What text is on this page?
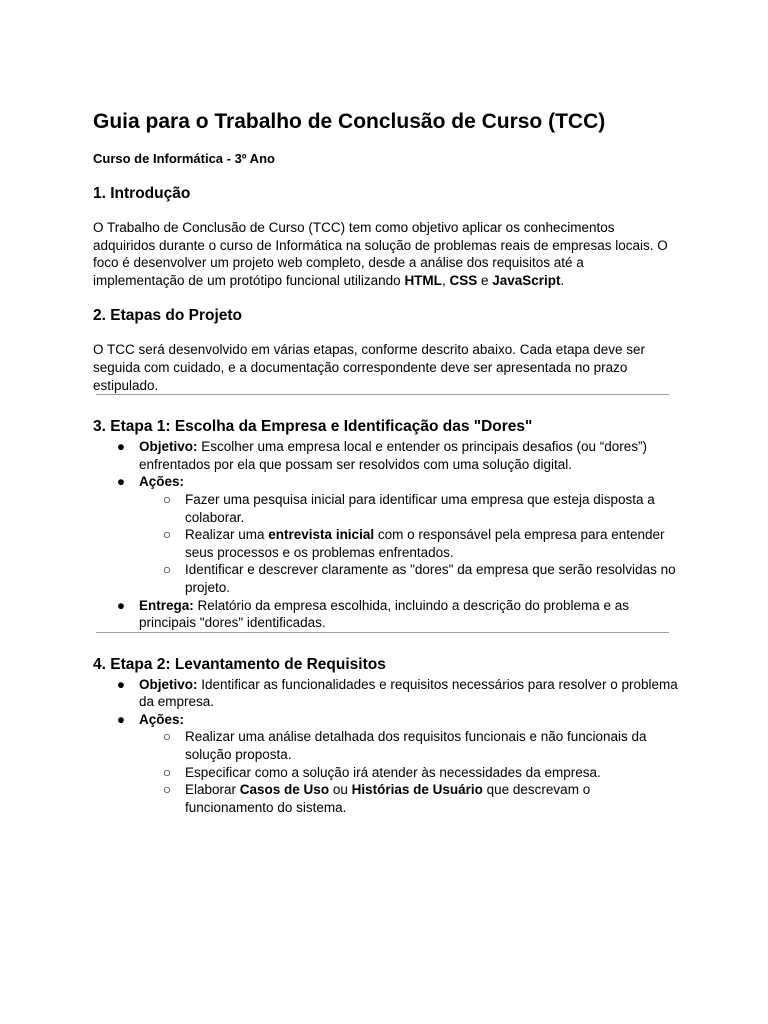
Guia para o Trabalho de Conclusão de Curso (TCC)
Curso de Informática - 3º Ano
1. Introdução

O Trabalho de Conclusão de Curso (TCC) tem como objetivo aplicar os conhecimentos adquiridos durante o curso de Informática na solução de problemas reais de empresas locais. O foco é desenvolver um projeto web completo, desde a análise dos requisitos até a implementação de um protótipo funcional utilizando HTML, CSS e JavaScript.

2. Etapas do Projeto

O TCC será desenvolvido em várias etapas, conforme descrito abaixo. Cada etapa deve ser seguida com cuidado, e a documentação correspondente deve ser apresentada no prazo estipulado.

3. Etapa 1: Escolha da Empresa e Identificação das "Dores"
● Objetivo: Escolher uma empresa local e entender os principais desafios (ou “dores”) enfrentados por ela que possam ser resolvidos com uma solução digital.
● Ações:
○ Fazer uma pesquisa inicial para identificar uma empresa que esteja disposta a colaborar.
○ Realizar uma entrevista inicial com o responsável pela empresa para entender seus processos e os problemas enfrentados.
○ Identificar e descrever claramente as "dores" da empresa que serão resolvidas no projeto.
● Entrega: Relatório da empresa escolhida, incluindo a descrição do problema e as principais "dores" identificadas.
4. Etapa 2: Levantamento de Requisitos
● Objetivo: Identificar as funcionalidades e requisitos necessários para resolver o problema da empresa.
● Ações:
○ Realizar uma análise detalhada dos requisitos funcionais e não funcionais da solução proposta.
○ Especificar como a solução irá atender às necessidades da empresa.
○ Elaborar Casos de Uso ou Histórias de Usuário que descrevam o funcionamento do sistema.
